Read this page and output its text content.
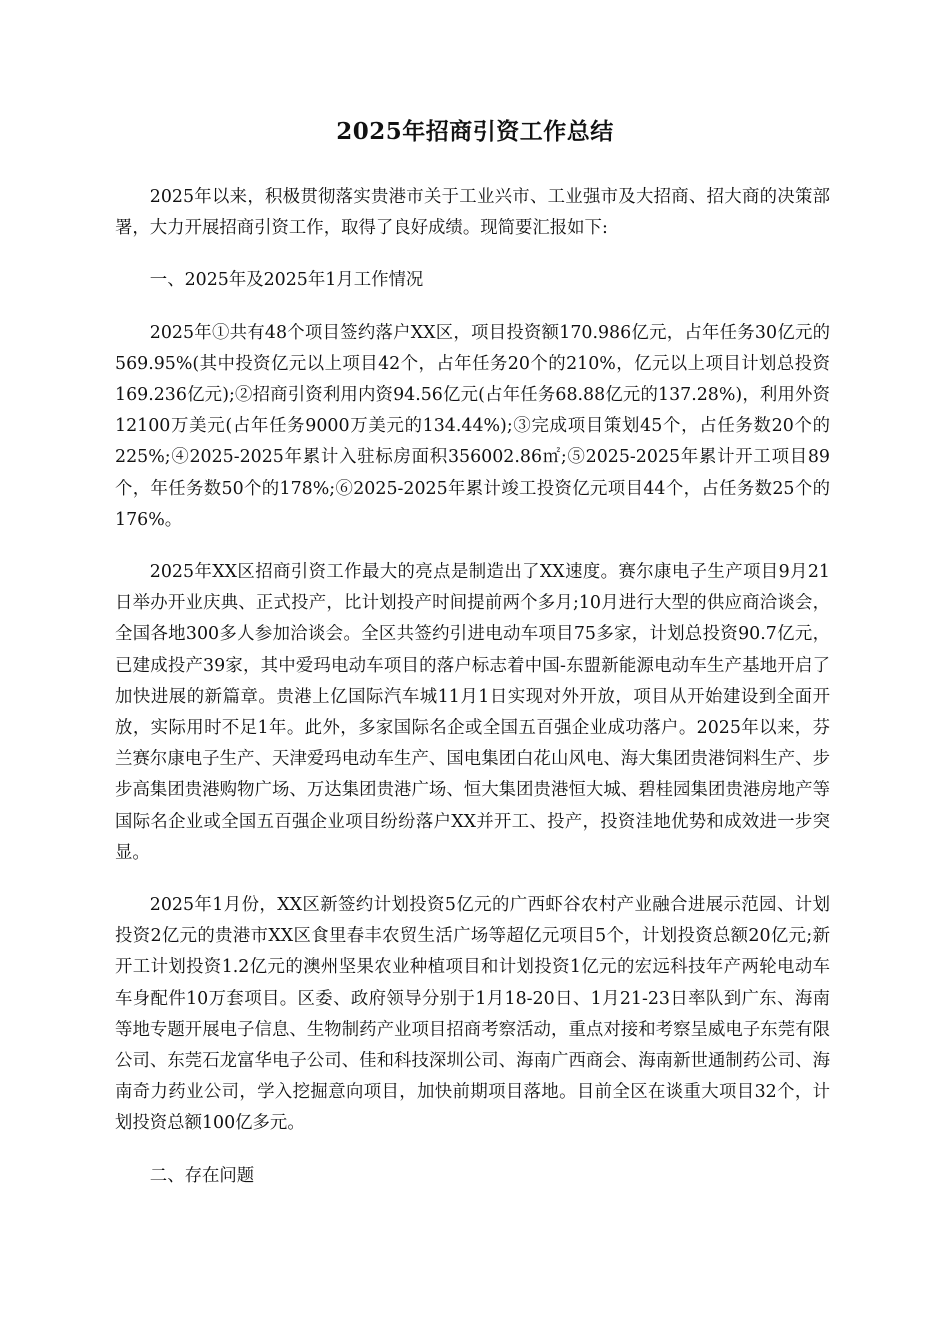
2025年招商引资工作总结

2025年以来，积极贯彻落实贵港市关于工业兴市、工业强市及大招商、招大商的决策部署，大力开展招商引资工作，取得了良好成绩。现简要汇报如下:

一、2025年及2025年1月工作情况

2025年①共有48个项目签约落户XX区，项目投资额170.986亿元，占年任务30亿元的569.95%(其中投资亿元以上项目42个，占年任务20个的210%，亿元以上项目计划总投资169.236亿元);②招商引资利用内资94.56亿元(占年任务68.88亿元的137.28%)，利用外资12100万美元(占年任务9000万美元的134.44%);③完成项目策划45个，占任务数20个的225%;④2025-2025年累计入驻标房面积356002.86㎡;⑤2025-2025年累计开工项目89个，年任务数50个的178%;⑥2025-2025年累计竣工投资亿元项目44个，占任务数25个的176%。

2025年XX区招商引资工作最大的亮点是制造出了XX速度。赛尔康电子生产项目9月21日举办开业庆典、正式投产，比计划投产时间提前两个多月;10月进行大型的供应商洽谈会，全国各地300多人参加洽谈会。全区共签约引进电动车项目75多家，计划总投资90.7亿元，已建成投产39家，其中爱玛电动车项目的落户标志着中国-东盟新能源电动车生产基地开启了加快进展的新篇章。贵港上亿国际汽车城11月1日实现对外开放，项目从开始建设到全面开放，实际用时不足1年。此外，多家国际名企或全国五百强企业成功落户。2025年以来，芬兰赛尔康电子生产、天津爱玛电动车生产、国电集团白花山风电、海大集团贵港饲料生产、步步高集团贵港购物广场、万达集团贵港广场、恒大集团贵港恒大城、碧桂园集团贵港房地产等国际名企业或全国五百强企业项目纷纷落户XX并开工、投产，投资洼地优势和成效进一步突显。

2025年1月份，XX区新签约计划投资5亿元的广西虾谷农村产业融合进展示范园、计划投资2亿元的贵港市XX区食里春丰农贸生活广场等超亿元项目5个，计划投资总额20亿元;新开工计划投资1.2亿元的澳州坚果农业种植项目和计划投资1亿元的宏远科技年产两轮电动车车身配件10万套项目。区委、政府领导分别于1月18-20日、1月21-23日率队到广东、海南等地专题开展电子信息、生物制药产业项目招商考察活动，重点对接和考察呈威电子东莞有限公司、东莞石龙富华电子公司、佳和科技深圳公司、海南广西商会、海南新世通制药公司、海南奇力药业公司，学入挖掘意向项目，加快前期项目落地。目前全区在谈重大项目32个，计划投资总额100亿多元。

二、存在问题
